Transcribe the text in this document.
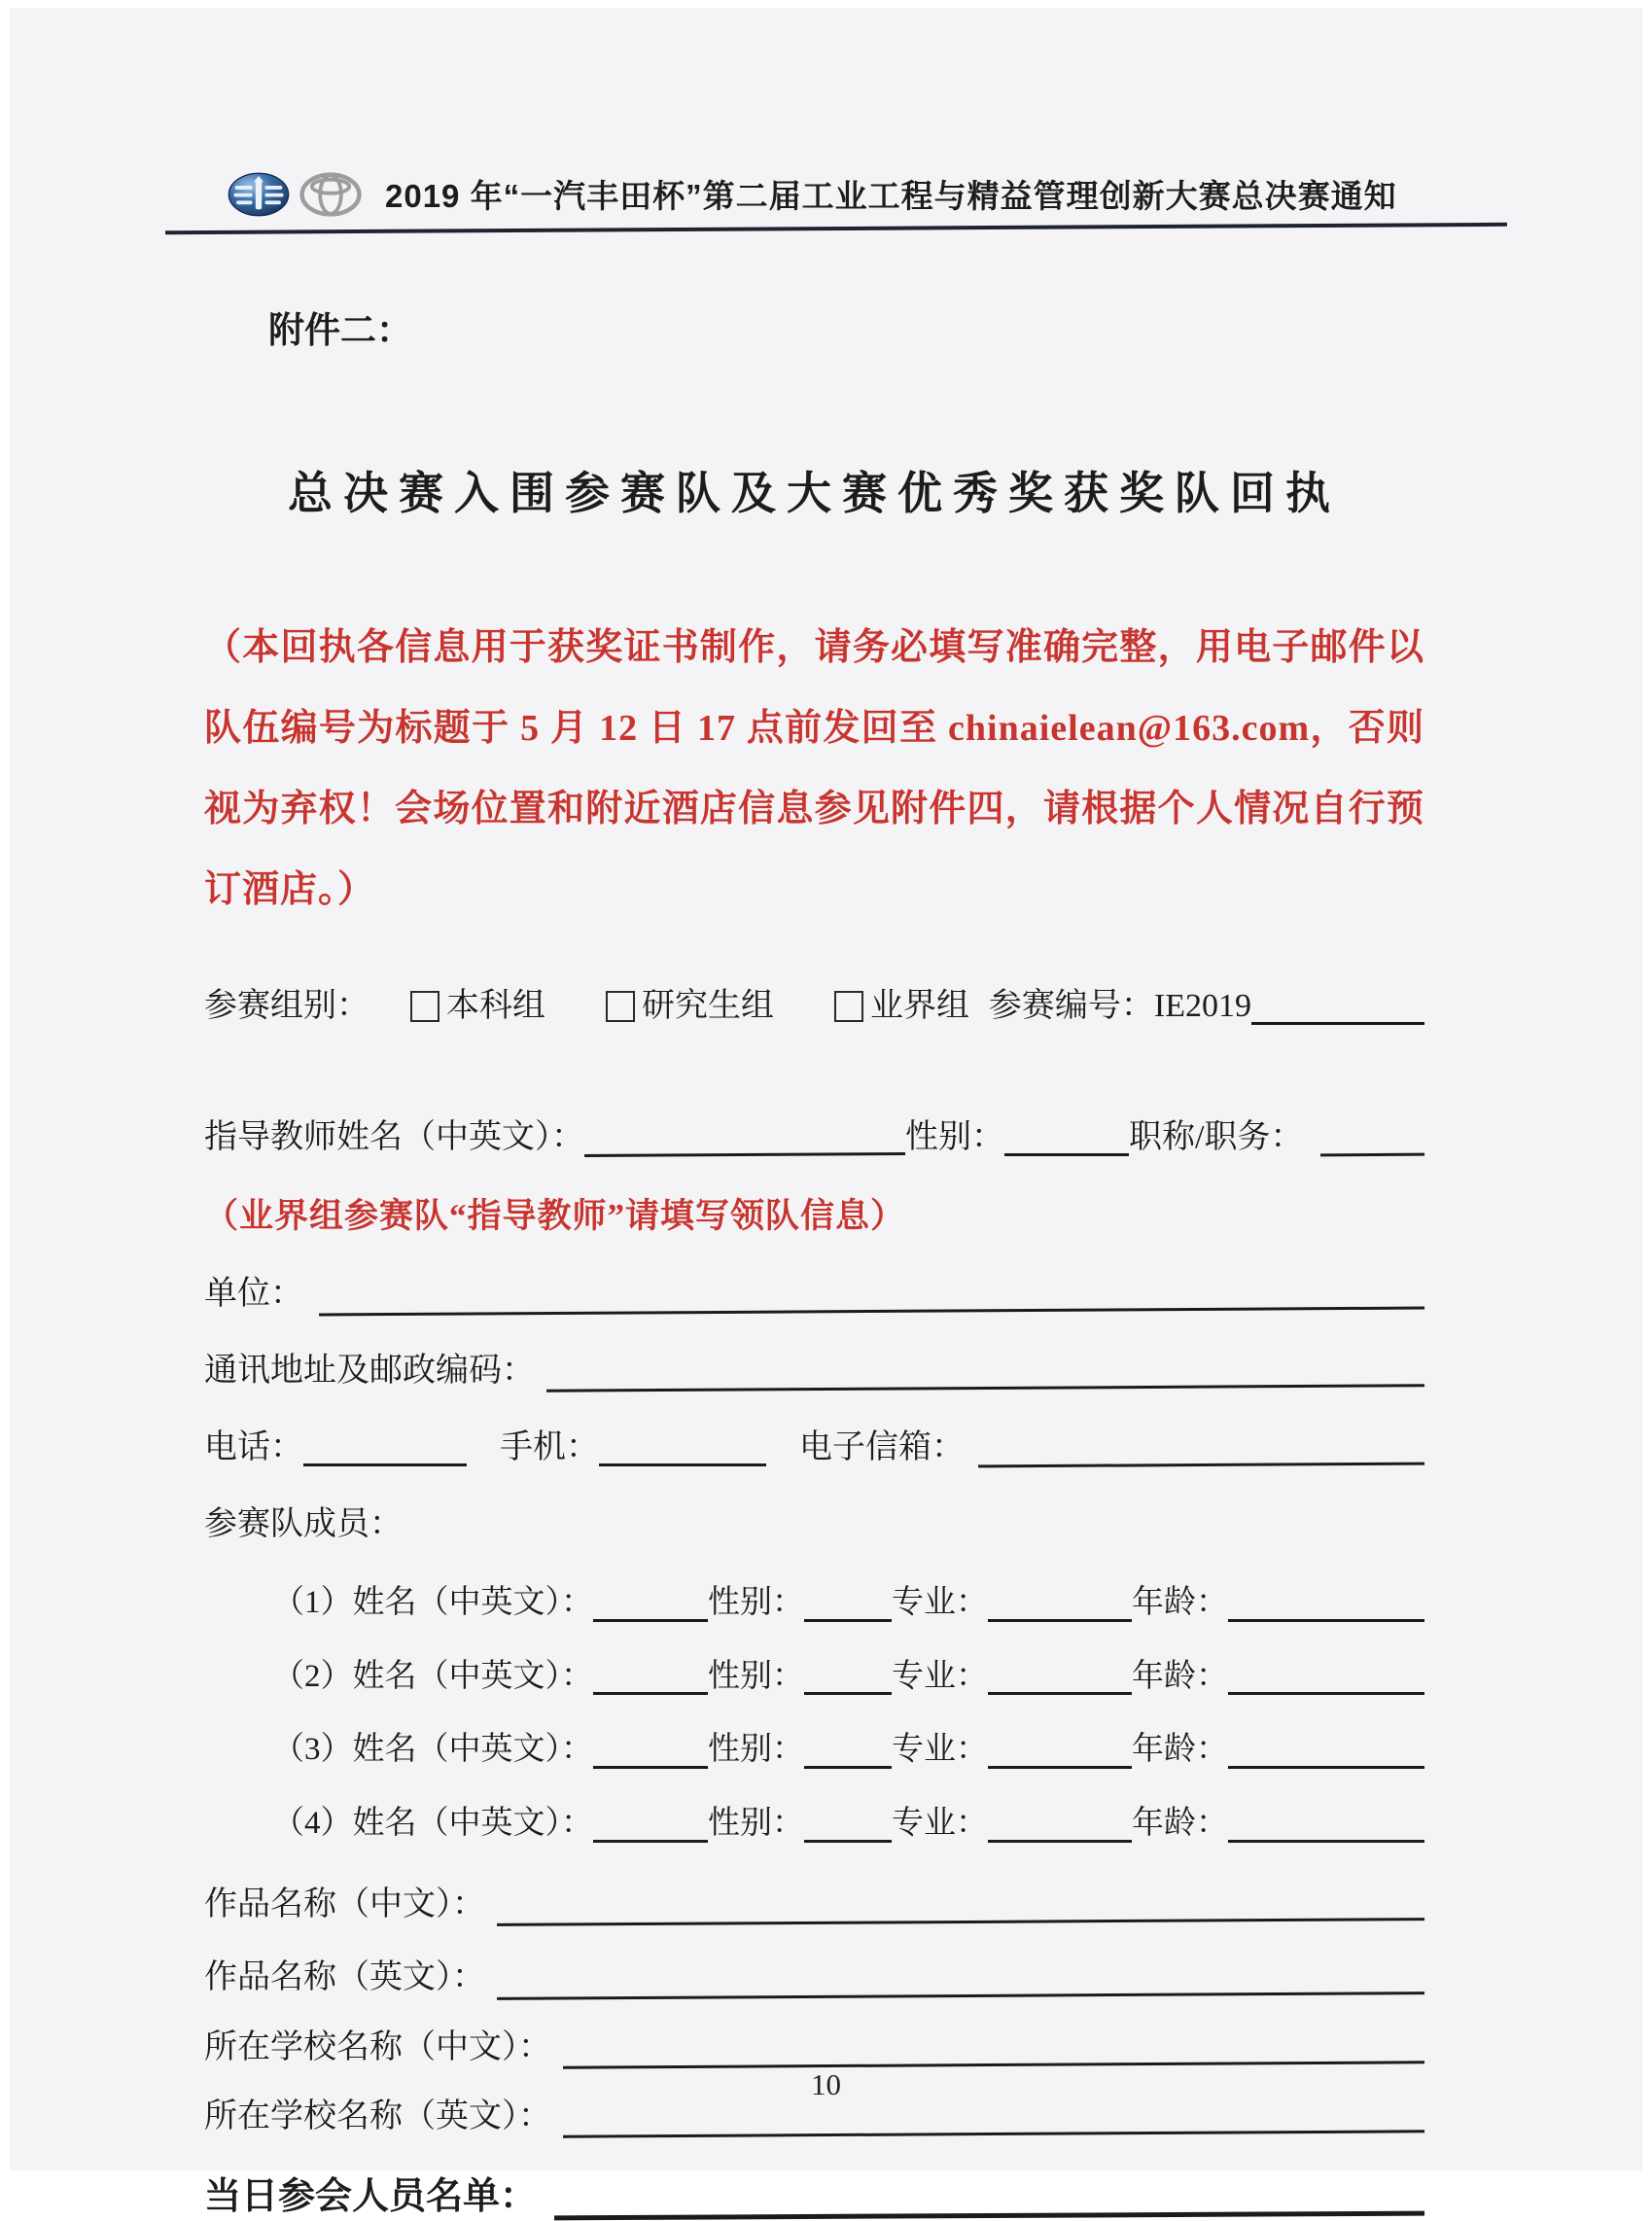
2019 年“一汽丰田杯”第二届工业工程与精益管理创新大赛总决赛通知
附件二：
总决赛入围参赛队及大赛优秀奖获奖队回执
（本回执各信息用于获奖证书制作，请务必填写准确完整，用电子邮件以队伍编号为标题于 5 月 12 日 17 点前发回至 chinaielean@163.com，否则视为弃权！会场位置和附近酒店信息参见附件四，请根据个人情况自行预订酒店。）
参赛组别： 本科组	研究生组	业界组 参赛编号： IE2019
指导教师姓名（中英文）：	性别：	职称/职务：
（业界组参赛队“指导教师”请填写领队信息）
单位：
通讯地址及邮政编码：
电话：	手机：	电子信箱：
参赛队成员：
（1） 姓名（中英文）：	性别：	专业：	年龄：
（2） 姓名（中英文）：	性别：	专业：	年龄：
（3） 姓名（中英文）：	性别：	专业：	年龄：
（4） 姓名（中英文）：	性别：	专业：	年龄：
作品名称（中文）：
作品名称（英文）：
所在学校名称（中文）：
所在学校名称（英文）：
当日参会人员名单：
10
